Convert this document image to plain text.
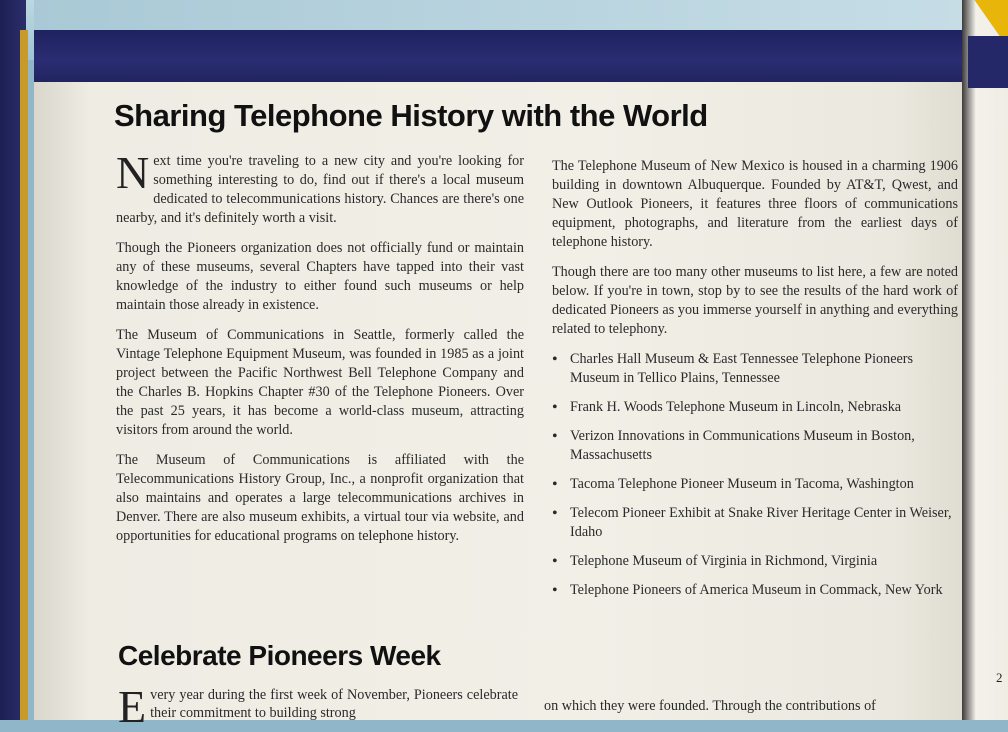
2
Sharing Telephone History with the World

Next time you're traveling to a new city and you're looking for something interesting to do, find out if there's a local museum dedicated to telecommunications history. Chances are there's one nearby, and it's definitely worth a visit.

Though the Pioneers organization does not officially fund or maintain any of these museums, several Chapters have tapped into their vast knowledge of the industry to either found such museums or help maintain those already in existence.

The Museum of Communications in Seattle, formerly called the Vintage Telephone Equipment Museum, was founded in 1985 as a joint project between the Pacific Northwest Bell Telephone Company and the Charles B. Hopkins Chapter #30 of the Telephone Pioneers. Over the past 25 years, it has become a world-class museum, attracting visitors from around the world.

The Museum of Communications is affiliated with the Telecommunications History Group, Inc., a nonprofit organization that also maintains and operates a large telecommunications archives in Denver. There are also museum exhibits, a virtual tour via website, and opportunities for educational programs on telephone history.

The Telephone Museum of New Mexico is housed in a charming 1906 building in downtown Albuquerque. Founded by AT&T, Qwest, and New Outlook Pioneers, it features three floors of communications equipment, photographs, and literature from the earliest days of telephone history.

Though there are too many other museums to list here, a few are noted below. If you're in town, stop by to see the results of the hard work of dedicated Pioneers as you immerse yourself in anything and everything related to telephony.

• Charles Hall Museum & East Tennessee Telephone Pioneers Museum in Tellico Plains, Tennessee
• Frank H. Woods Telephone Museum in Lincoln, Nebraska
• Verizon Innovations in Communications Museum in Boston, Massachusetts
• Tacoma Telephone Pioneer Museum in Tacoma, Washington
• Telecom Pioneer Exhibit at Snake River Heritage Center in Weiser, Idaho
• Telephone Museum of Virginia in Richmond, Virginia
• Telephone Pioneers of America Museum in Commack, New York
Celebrate Pioneers Week
Every year during the first week of November, Pioneers celebrate their commitment to building strong	on which they were founded. Through the contributions of
